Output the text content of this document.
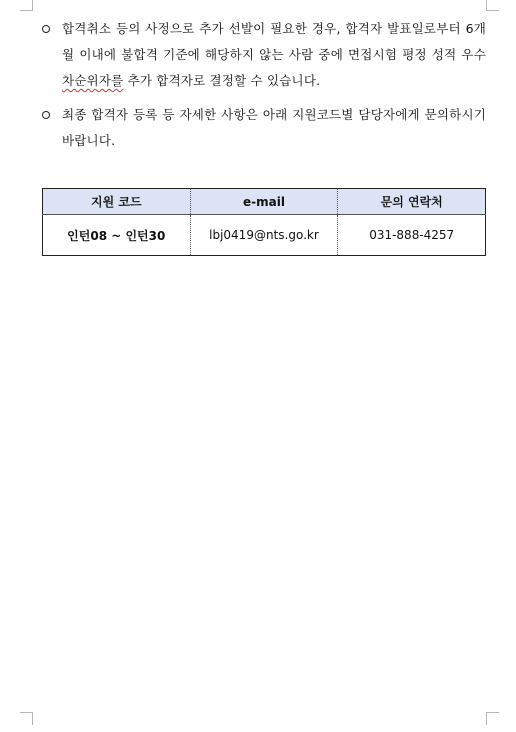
합격취소 등의 사정으로 추가 선발이 필요한 경우, 합격자 발표일로부터 6개월 이내에 불합격 기준에 해당하지 않는 사람 중에 면접시험 평정 성적 우수 차순위자를 추가 합격자로 결정할 수 있습니다.
최종 합격자 등록 등 자세한 사항은 아래 지원코드별 담당자에게 문의하시기 바랍니다.
지원 코드	e-mail	문의 연락처
인턴08 ~ 인턴30	lbj0419@nts.go.kr	031-888-4257
